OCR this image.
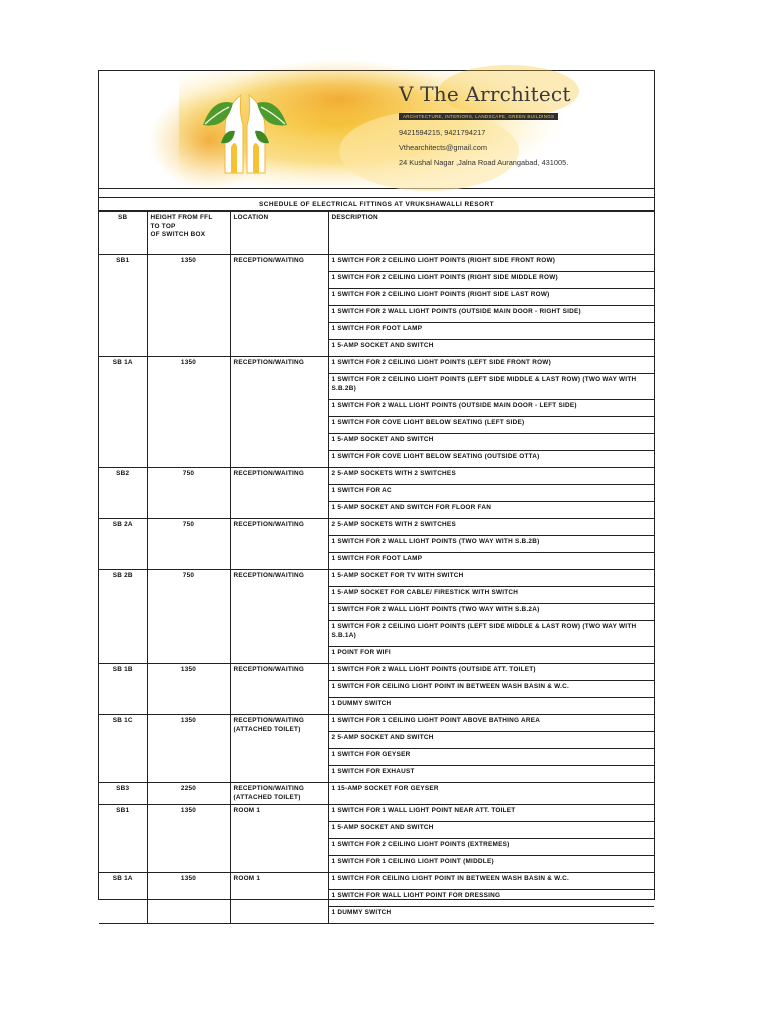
V The Arrchitect
ARCHITECTURE, INTERIORS, LANDSCAPE, GREEN BUILDINGS
9421594215, 9421794217
Vthearchitects@gmail.com
24 Kushal Nagar ,Jalna Road Aurangabad, 431005.
SCHEDULE OF ELECTRICAL FITTINGS AT VRUKSHAWALLI RESORT
SB	HEIGHT FROM FFL
TO TOP
OF SWITCH BOX	LOCATION	DESCRIPTION
SB1	1350	RECEPTION/WAITING	1 SWITCH FOR 2 CEILING LIGHT POINTS (RIGHT SIDE FRONT ROW)
			1 SWITCH FOR 2 CEILING LIGHT POINTS (RIGHT SIDE MIDDLE ROW)
			1 SWITCH FOR 2 CEILING LIGHT POINTS (RIGHT SIDE LAST ROW)
			1 SWITCH FOR 2 WALL LIGHT POINTS (OUTSIDE MAIN DOOR - RIGHT SIDE)
			1 SWITCH FOR FOOT LAMP
			1 5-AMP SOCKET AND SWITCH
SB 1A	1350	RECEPTION/WAITING	1 SWITCH FOR 2 CEILING LIGHT POINTS (LEFT SIDE FRONT ROW)
			1 SWITCH FOR 2 CEILING LIGHT POINTS (LEFT SIDE MIDDLE & LAST ROW) (TWO WAY WITH S.B.2B)
			1 SWITCH FOR 2 WALL LIGHT POINTS (OUTSIDE MAIN DOOR - LEFT SIDE)
			1 SWITCH FOR COVE LIGHT BELOW SEATING (LEFT SIDE)
			1 5-AMP SOCKET AND SWITCH
			1 SWITCH FOR COVE LIGHT BELOW SEATING (OUTSIDE OTTA)
SB2	750	RECEPTION/WAITING	2 5-AMP SOCKETS WITH 2 SWITCHES
			1 SWITCH FOR AC
			1 5-AMP SOCKET AND SWITCH FOR FLOOR FAN
SB 2A	750	RECEPTION/WAITING	2 5-AMP SOCKETS WITH 2 SWITCHES
			1 SWITCH FOR 2 WALL LIGHT POINTS (TWO WAY WITH S.B.2B)
			1 SWITCH FOR FOOT LAMP
SB 2B	750	RECEPTION/WAITING	1 5-AMP SOCKET FOR TV WITH SWITCH
			1 5-AMP SOCKET FOR CABLE/ FIRESTICK WITH SWITCH
			1 SWITCH FOR 2 WALL LIGHT POINTS (TWO WAY WITH S.B.2A)
			1 SWITCH FOR 2 CEILING LIGHT POINTS (LEFT SIDE MIDDLE & LAST ROW) (TWO WAY WITH S.B.1A)
			1 POINT FOR WIFI
SB 1B	1350	RECEPTION/WAITING	1 SWITCH FOR 2 WALL LIGHT POINTS (OUTSIDE ATT. TOILET)
			1 SWITCH FOR CEILING LIGHT POINT IN BETWEEN WASH BASIN & W.C.
			1 DUMMY SWITCH
SB 1C	1350	RECEPTION/WAITING (ATTACHED TOILET)	1 SWITCH FOR 1 CEILING LIGHT POINT ABOVE BATHING AREA
			2 5-AMP SOCKET AND SWITCH
			1 SWITCH FOR GEYSER
			1 SWITCH FOR EXHAUST
SB3	2250	RECEPTION/WAITING (ATTACHED TOILET)	1 15-AMP SOCKET FOR GEYSER
SB1	1350	ROOM 1	1 SWITCH FOR 1 WALL LIGHT POINT NEAR ATT. TOILET
			1 5-AMP SOCKET AND SWITCH
			1 SWITCH FOR 2 CEILING LIGHT POINTS (EXTREMES)
			1 SWITCH FOR 1 CEILING LIGHT POINT (MIDDLE)
SB 1A	1350	ROOM 1	1 SWITCH FOR CEILING LIGHT POINT IN BETWEEN WASH BASIN & W.C.
			1 SWITCH FOR WALL LIGHT POINT FOR DRESSING
			1 DUMMY SWITCH
